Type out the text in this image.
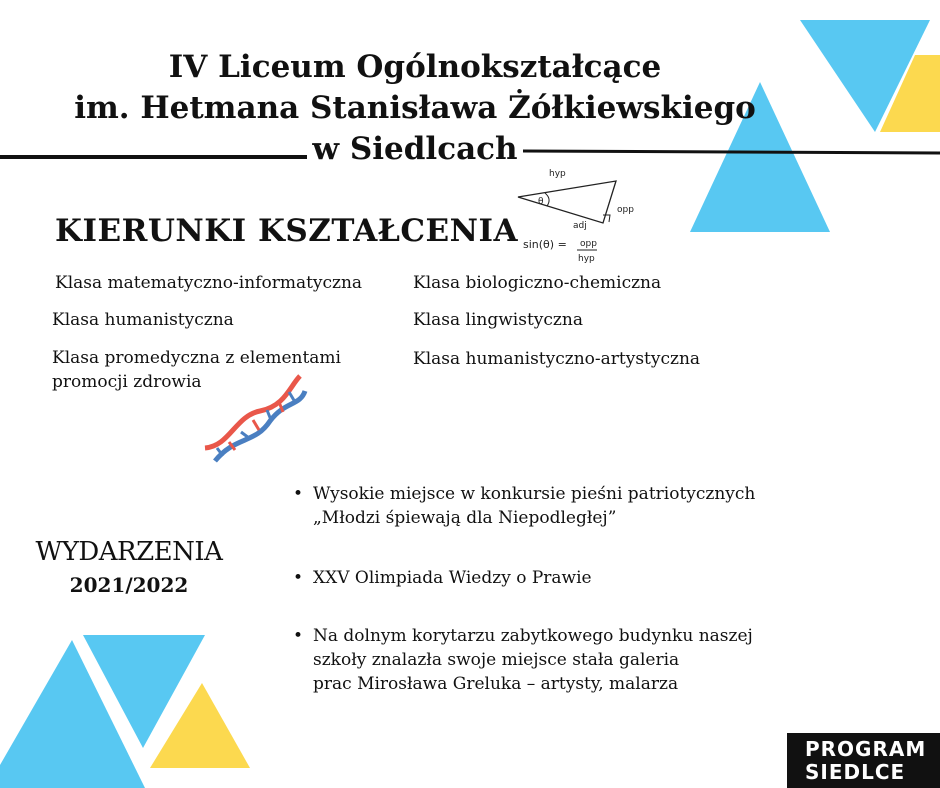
hyp
θ
adj
opp
sin(θ) = opp
hyp
IV Liceum Ogólnokształcące
im. Hetmana Stanisława Żółkiewskiego
w Siedlcach
KIERUNKI KSZTAŁCENIA
Klasa matematyczno-informatyczna
Klasa humanistyczna
Klasa promedyczna z elementami
promocji zdrowia
Klasa biologiczno-chemiczna
Klasa lingwistyczna
Klasa humanistyczno-artystyczna
WYDARZENIA
2021/2022
• Wysokie miejsce w konkursie pieśni patriotycznych
„Młodzi śpiewają dla Niepodległej”
• XXV Olimpiada Wiedzy o Prawie
• Na dolnym korytarzu zabytkowego budynku naszej
szkoły znalazła swoje miejsce stała galeria
prac Mirosława Greluka – artysty, malarza
PROGRAM
SIEDLCE
